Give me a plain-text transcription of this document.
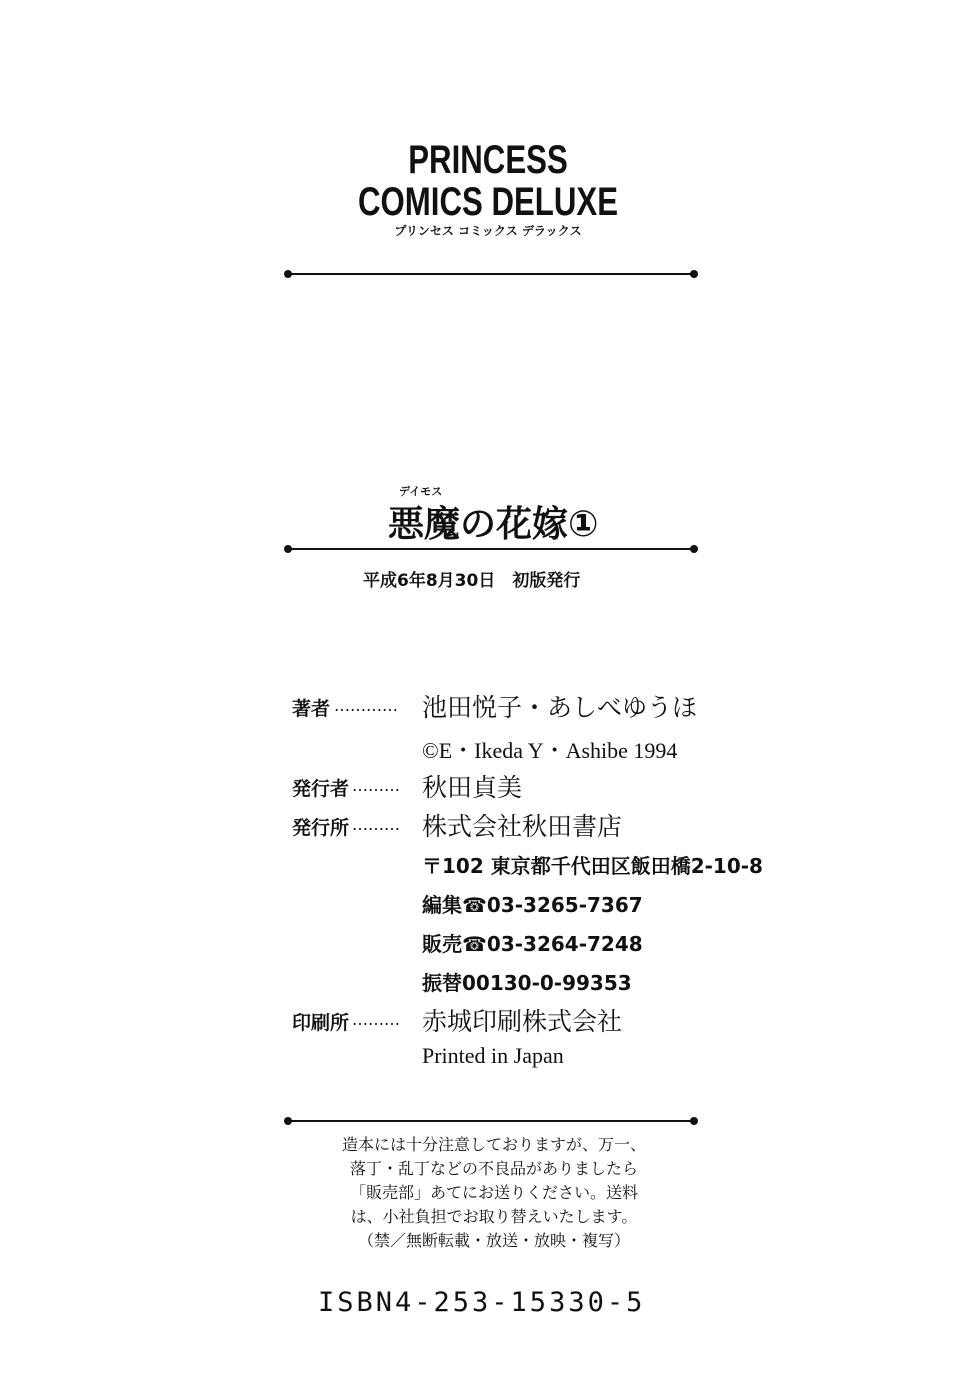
PRINCESS
COMICS DELUXE
プリンセス コミックス デラックス
デイモス
悪魔の花嫁①
平成6年8月30日　初版発行
著者 ………… 池田悦子・あしべゆうほ
©E・Ikeda Y・Ashibe 1994
発行者 ……… 秋田貞美
発行所 ……… 株式会社秋田書店
〒102 東京都千代田区飯田橋2-10-8
編集☎03-3265-7367
販売☎03-3264-7248
振替00130-0-99353
印刷所 ……… 赤城印刷株式会社
Printed in Japan
造本には十分注意しておりますが、万一、
落丁・乱丁などの不良品がありましたら
「販売部」あてにお送りください。送料
は、小社負担でお取り替えいたします。
（禁／無断転載・放送・放映・複写）
ISBN4-253-15330-5
